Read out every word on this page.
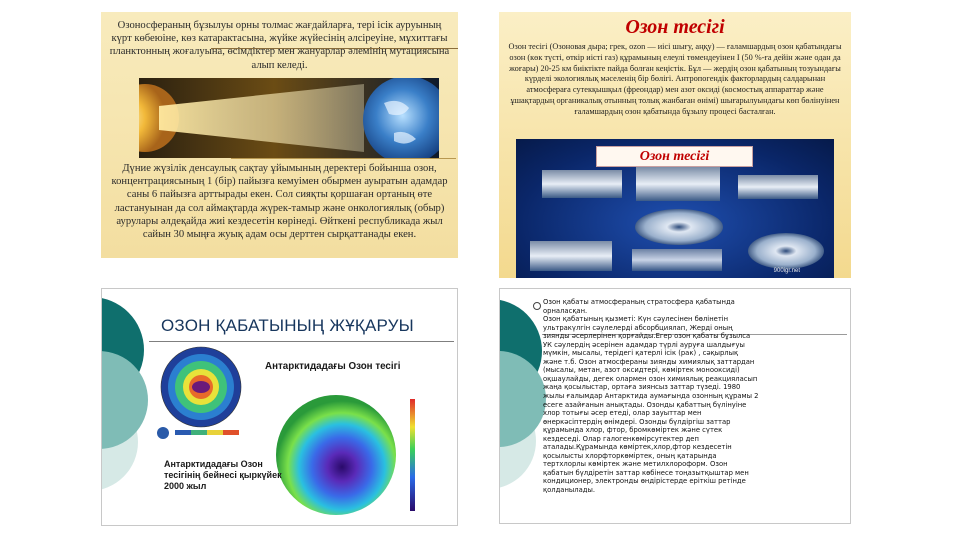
Озоносфераның бұзылуы орны толмас жағдайларға, тері ісік ауруының күрт көбеюіне, көз катарактасына, жүйке жүйесінің әлсіреуіне, мұхиттағы планктонның жоғалуына, өсімдіктер мен жануарлар әлемінің мутациясына алып келеді.
Дүние жүзілік денсаулық сақтау ұйымының деректері бойынша озон, концентрациясының 1 (бір) пайызға кемуімен обырмен ауыратын адамдар саны 6 пайызға арттырады екен. Сол сияқты қоршаған ортаның өте ластануынан да сол аймақтарда жүрек-тамыр және онкологиялық (обыр) аурулары әлдеқайда жиі кездесетін көрінеді. Өйткені республикада жыл сайын 30 мыңға жуық адам осы дерттен сырқаттанады екен.
Озон тесігі
Озон тесігі (Озоновая дыра; грек, ozon — иісі шығу, аңқу) — ғаламшардың озон қабатындағы озон (көк түсті, өткір иісті газ) құрамының елеулі төмендеуінен І (50 %-ға дейін және одан да жоғары) 20-25 км биіктікте пайда болған кеңістік. Бұл — жердің озон қабатының тозуындағы күрделі экологиялық мәселенің бір бөлігі. Антропогендік факторлардың салдарынан атмосфераға сутекқышқыл (фреондар) мен азот оксиді (космостық аппараттар және ұшақтардың органикалық отынның толық жанбаған өнімі) шығарылуындағы көп бөлінуінен ғаламшардың озон қабатында бұзылу процесі басталған.
Озон тесігі
900igr.net
ОЗОН ҚАБАТЫНЫҢ ЖҰҚАРУЫ
Антарктидадағы Озон тесігі
Антарктидадағы Озон тесігінің бейнесі қыркүйек 2000 жыл

Озон қабаты атмосфераның стратосфера қабатында

орналасқан.

Озон қабатының қызметі: Күн сәулесінен бөлінетін

ультракүлгін сәулелерді абсорбциялап, Жердi оның

зиянды әсерлерінен қорғайды.Егер озон қабаты бұзылса

УК сәулердің әсерінен адамдар түрлі ауруға шалдығуы

мүмкін, мысалы, терідегі қатерлі ісік (рак) , сәқырлық

және т.б. Озон атмосфераны зиянды химиялық заттардан

(мысалы, метан, азот оксидтері, көміртек монооксиді)

оқшаулайды, дегек олармен озон химиялық реакцияласып

жаңа қосылыстар, ортаға зиянсыз заттар түзеді. 1980

жылы ғалымдар Антарктида аумағында озонның құрамы 2

есеге азайғанын анықтады. Озонды қабаттың бүлінуіне

хлор тотығы әсер етеді, олар зауыттар мен

өнеркәсіптердің өнімдері. Озонды бүлдіргіш заттар

құрамында хлор, фтор, бромкөміртек және сүтек

кездеседі. Олар галогенкөмірсутектер деп

аталады.Құрамында көміртек,хлор,фтор кездесетін

қосылысты хлорфторкөміртек, оның қатарында

тертхлорлы көміртек және метилхлороформ. Озон

қабатын бүлдіретін заттар көбінесе тоңазытқыштар мен

кондиционер, электронды өндірістерде еріткіш ретінде

қолданылады.
